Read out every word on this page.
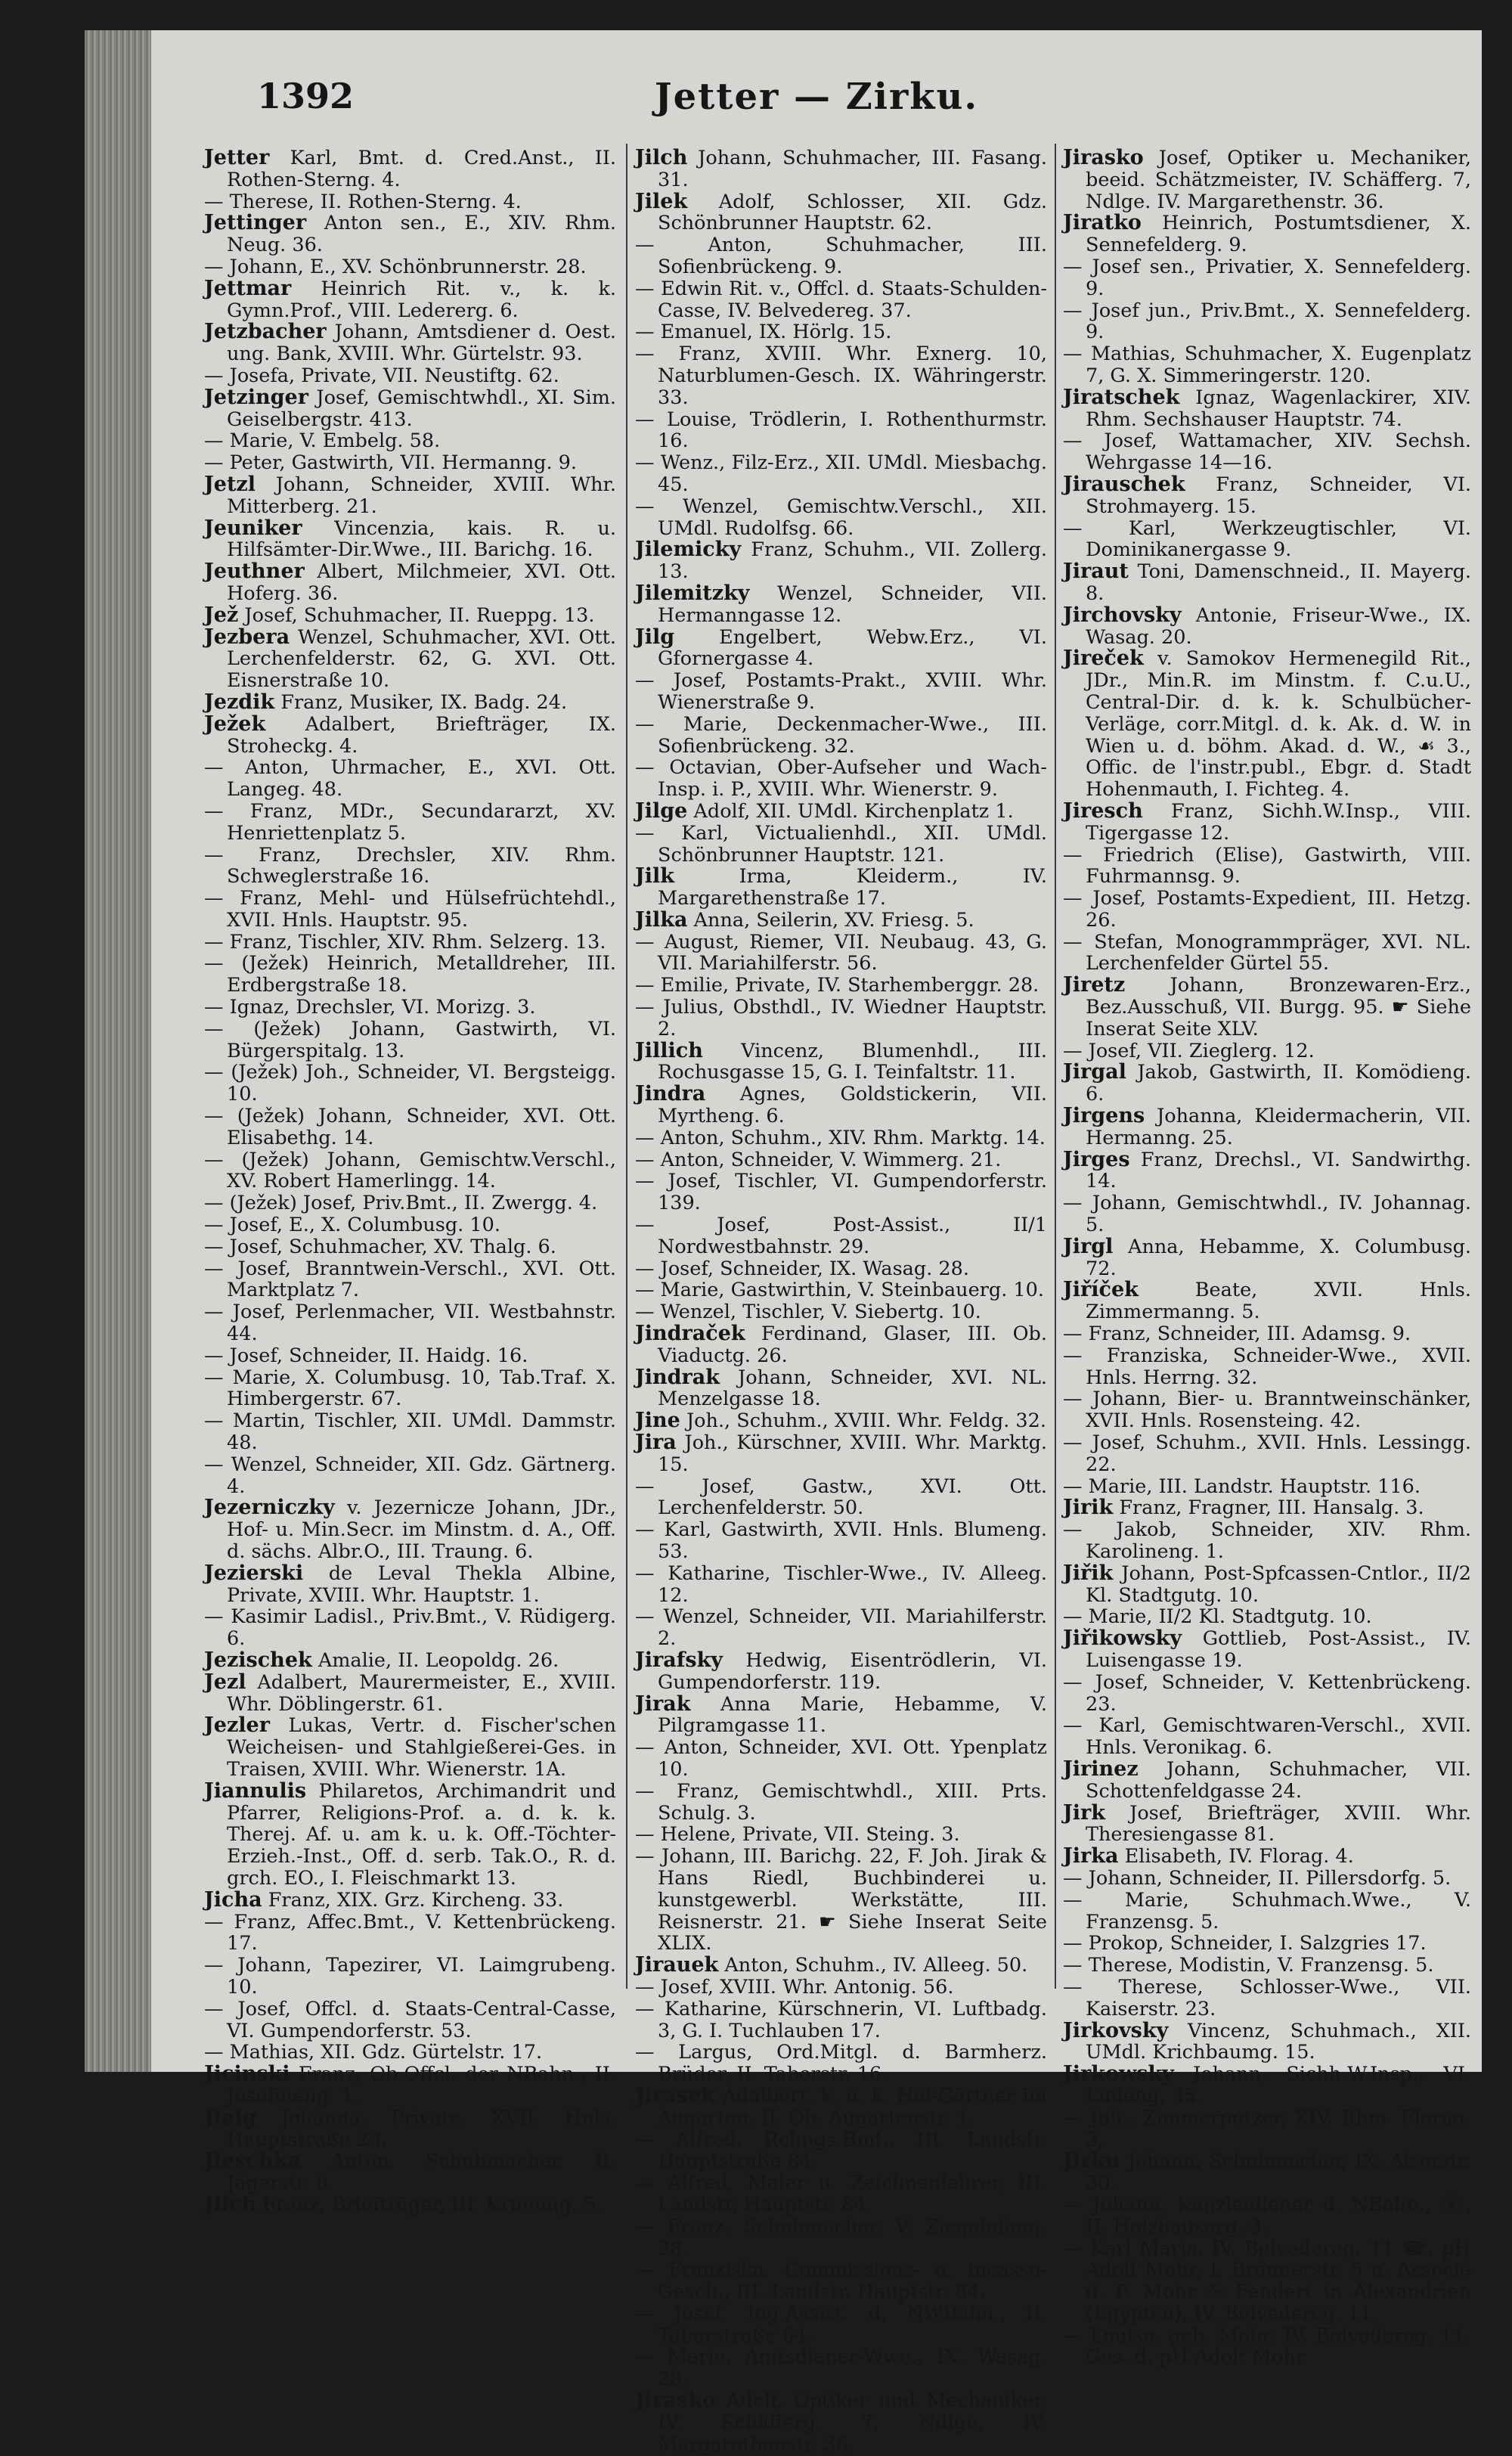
1392	Jetter — Zirku.

Jetter Karl, Bmt. d. Cred.Anst., II. Rothen-Sterng. 4.

— Therese, II. Rothen-Sterng. 4.

Jettinger Anton sen., E., XIV. Rhm. Neug. 36.

— Johann, E., XV. Schönbrunnerstr. 28.

Jettmar Heinrich Rit. v., k. k. Gymn.Prof., VIII. Ledererg. 6.

Jetzbacher Johann, Amtsdiener d. Oest. ung. Bank, XVIII. Whr. Gürtelstr. 93.

— Josefa, Private, VII. Neustiftg. 62.

Jetzinger Josef, Gemischtwhdl., XI. Sim. Geiselbergstr. 413.

— Marie, V. Embelg. 58.

— Peter, Gastwirth, VII. Hermanng. 9.

Jetzl Johann, Schneider, XVIII. Whr. Mitterberg. 21.

Jeuniker Vincenzia, kais. R. u. Hilfsämter-Dir.Wwe., III. Barichg. 16.

Jeuthner Albert, Milchmeier, XVI. Ott. Hoferg. 36.

Jež Josef, Schuhmacher, II. Rueppg. 13.

Jezbera Wenzel, Schuhmacher, XVI. Ott. Lerchenfelderstr. 62, G. XVI. Ott. Eisnerstraße 10.

Jezdik Franz, Musiker, IX. Badg. 24.

Ježek Adalbert, Briefträger, IX. Stroheckg. 4.

— Anton, Uhrmacher, E., XVI. Ott. Langeg. 48.

— Franz, MDr., Secundararzt, XV. Henriettenplatz 5.

— Franz, Drechsler, XIV. Rhm. Schweglerstraße 16.

— Franz, Mehl- und Hülsefrüchtehdl., XVII. Hnls. Hauptstr. 95.

— Franz, Tischler, XIV. Rhm. Selzerg. 13.

— (Ježek) Heinrich, Metalldreher, III. Erdbergstraße 18.

— Ignaz, Drechsler, VI. Morizg. 3.

— (Ježek) Johann, Gastwirth, VI. Bürgerspitalg. 13.

— (Ježek) Joh., Schneider, VI. Bergsteigg. 10.

— (Ježek) Johann, Schneider, XVI. Ott. Elisabethg. 14.

— (Ježek) Johann, Gemischtw.Verschl., XV. Robert Hamerlingg. 14.

— (Ježek) Josef, Priv.Bmt., II. Zwergg. 4.

— Josef, E., X. Columbusg. 10.

— Josef, Schuhmacher, XV. Thalg. 6.

— Josef, Branntwein-Verschl., XVI. Ott. Marktplatz 7.

— Josef, Perlenmacher, VII. Westbahnstr. 44.

— Josef, Schneider, II. Haidg. 16.

— Marie, X. Columbusg. 10, Tab.Traf. X. Himbergerstr. 67.

— Martin, Tischler, XII. UMdl. Dammstr. 48.

— Wenzel, Schneider, XII. Gdz. Gärtnerg. 4.

Jezerniczky v. Jezernicze Johann, JDr., Hof- u. Min.Secr. im Minstm. d. A., Off. d. sächs. Albr.O., III. Traung. 6.

Jezierski de Leval Thekla Albine, Private, XVIII. Whr. Hauptstr. 1.

— Kasimir Ladisl., Priv.Bmt., V. Rüdigerg. 6.

Jezischek Amalie, II. Leopoldg. 26.

Jezl Adalbert, Maurermeister, E., XVIII. Whr. Döblingerstr. 61.

Jezler Lukas, Vertr. d. Fischer'schen Weicheisen- und Stahlgießerei-Ges. in Traisen, XVIII. Whr. Wienerstr. 1A.

Jiannulis Philaretos, Archimandrit und Pfarrer, Religions-Prof. a. d. k. k. Therej. Af. u. am k. u. k. Off.-Töchter-Erzieh.-Inst., Off. d. serb. Tak.O., R. d. grch. EO., I. Fleischmarkt 13.

Jicha Franz, XIX. Grz. Kircheng. 33.

— Franz, Affec.Bmt., V. Kettenbrückeng. 17.

— Johann, Tapezirer, VI. Laimgrubeng. 10.

— Josef, Offcl. d. Staats-Central-Casse, VI. Gumpendorferstr. 53.

— Mathias, XII. Gdz. Gürtelstr. 17.

Jicinski Franz, Ob.Offcl. der NBahn., II. Josefineng. 1.

Jielg Johanna, Private, XVII. Hnls. Hauptstraße 23.

Jieschka Anton, Schuhmacher, II. Jägerstr. 8.

Jilch Franz, Briefträger, III. Krummg. 5.

Jilch Johann, Schuhmacher, III. Fasang. 31.

Jilek Adolf, Schlosser, XII. Gdz. Schönbrunner Hauptstr. 62.

— Anton, Schuhmacher, III. Sofienbrückeng. 9.

— Edwin Rit. v., Offcl. d. Staats-Schulden-Casse, IV. Belvedereg. 37.

— Emanuel, IX. Hörlg. 15.

— Franz, XVIII. Whr. Exnerg. 10, Naturblumen-Gesch. IX. Währingerstr. 33.

— Louise, Trödlerin, I. Rothenthurmstr. 16.

— Wenz., Filz-Erz., XII. UMdl. Miesbachg. 45.

— Wenzel, Gemischtw.Verschl., XII. UMdl. Rudolfsg. 66.

Jilemicky Franz, Schuhm., VII. Zollerg. 13.

Jilemitzky Wenzel, Schneider, VII. Hermanngasse 12.

Jilg Engelbert, Webw.Erz., VI. Gfornergasse 4.

— Josef, Postamts-Prakt., XVIII. Whr. Wienerstraße 9.

— Marie, Deckenmacher-Wwe., III. Sofienbrückeng. 32.

— Octavian, Ober-Aufseher und Wach-Insp. i. P., XVIII. Whr. Wienerstr. 9.

Jilge Adolf, XII. UMdl. Kirchenplatz 1.

— Karl, Victualienhdl., XII. UMdl. Schönbrunner Hauptstr. 121.

Jilk	Irma, Kleiderm., IV. Margarethenstraße 17.

Jilka Anna, Seilerin, XV. Friesg. 5.

— August, Riemer, VII. Neubaug. 43, G. VII. Mariahilferstr. 56.

— Emilie, Private, IV. Starhemberggr. 28.

— Julius, Obsthdl., IV. Wiedner Hauptstr. 2.

Jillich Vincenz, Blumenhdl., III. Rochusgasse 15, G. I. Teinfaltstr. 11.

Jindra Agnes, Goldstickerin, VII. Myrtheng. 6.

— Anton, Schuhm., XIV. Rhm. Marktg. 14.

— Anton, Schneider, V. Wimmerg. 21.

— Josef, Tischler, VI. Gumpendorferstr. 139.

— Josef, Post-Assist., II/1 Nordwestbahnstr. 29.

— Josef, Schneider, IX. Wasag. 28.

— Marie, Gastwirthin, V. Steinbauerg. 10.

— Wenzel, Tischler, V. Siebertg. 10.

Jindraček Ferdinand, Glaser, III. Ob. Viaductg. 26.

Jindrak Johann, Schneider, XVI. NL. Menzelgasse 18.

Jine Joh., Schuhm., XVIII. Whr. Feldg. 32.

Jira Joh., Kürschner, XVIII. Whr. Marktg. 15.

— Josef, Gastw., XVI. Ott. Lerchenfelderstr. 50.

— Karl, Gastwirth, XVII. Hnls. Blumeng. 53.

— Katharine, Tischler-Wwe., IV. Alleeg. 12.

— Wenzel, Schneider, VII. Mariahilferstr. 2.

Jirafsky Hedwig, Eisentrödlerin, VI. Gumpendorferstr. 119.

Jirak Anna Marie, Hebamme, V. Pilgramgasse 11.

— Anton, Schneider, XVI. Ott. Ypenplatz 10.

— Franz, Gemischtwhdl., XIII. Prts. Schulg. 3.

— Helene, Private, VII. Steing. 3.

— Johann, III. Barichg. 22, F. Joh. Jirak & Hans Riedl, Buchbinderei u. kunstgewerbl. Werkstätte, III. Reisnerstr. 21. ☛ Siehe Inserat Seite XLIX.

Jirauek Anton, Schuhm., IV. Alleeg. 50.

— Josef, XVIII. Whr. Antonig. 56.

— Katharine, Kürschnerin, VI. Luftbadg. 3, G. I. Tuchlauben 17.

— Largus, Ord.Mitgl. d. Barmherz. Brüder, II. Taborstr. 16.

Jirasek Adalbert, k. u. k. Hof-Gärtner im Augarten, II. Ob. Augartenstr. 1.

— Alfred, Rchngs.Bmt., III. Landstr. Hauptstraße 84.

— Alfred, Maler u. Zeichnenlehrer, III. Landstr. Hauptstr. 84.

— Franz, Schuhmacher, V. Ziegelofeng. 28.

— Franziska, Commissions- u. Incasso-Gesch., III. Landstr. Hauptstr. 84.

— Josef, Ing.Assist. d. NWBahn., II. Taborstraße 64.

— Marie, Amtsdiener-Wwe., IX. Wasag. 28.

Jirasko Adolf, Optiker und Mechaniker, IV. Schäfferg. 7, Ndlge. IV. Margarethenstr. 36.

Jirasko Josef, Optiker u. Mechaniker, beeid. Schätzmeister, IV. Schäfferg. 7, Ndlge. IV. Margarethenstr. 36.

Jiratko Heinrich, Postumtsdiener, X. Sennefelderg. 9.

— Josef sen., Privatier, X. Sennefelderg. 9.

— Josef jun., Priv.Bmt., X. Sennefelderg. 9.

— Mathias, Schuhmacher, X. Eugenplatz 7, G. X. Simmeringerstr. 120.

Jiratschek Ignaz, Wagenlackirer, XIV. Rhm. Sechshauser Hauptstr. 74.

— Josef, Wattamacher, XIV. Sechsh. Wehrgasse 14—16.

Jirauschek Franz, Schneider, VI. Strohmayerg. 15.

— Karl, Werkzeugtischler, VI. Dominikanergasse 9.

Jiraut Toni, Damenschneid., II. Mayerg. 8.

Jirchovsky Antonie, Friseur-Wwe., IX. Wasag. 20.

Jireček v. Samokov Hermenegild Rit., JDr., Min.R. im Minstm. f. C.u.U., Central-Dir. d. k. k. Schulbücher-Verläge, corr.Mitgl. d. k. Ak. d. W. in Wien u. d. böhm. Akad. d. W., ☙ 3., Offic. de l'instr.publ., Ebgr. d. Stadt Hohenmauth, I. Fichteg. 4.

Jiresch Franz, Sichh.W.Insp., VIII. Tigergasse 12.

— Friedrich (Elise), Gastwirth, VIII. Fuhrmannsg. 9.

— Josef, Postamts-Expedient, III. Hetzg. 26.

— Stefan, Monogrammpräger, XVI. NL. Lerchenfelder Gürtel 55.

Jiretz Johann, Bronzewaren-Erz., Bez.Ausschuß, VII. Burgg. 95. ☛ Siehe Inserat Seite XLV.

— Josef, VII. Zieglerg. 12.

Jirgal Jakob, Gastwirth, II. Komödieng. 6.

Jirgens Johanna, Kleidermacherin, VII. Hermanng. 25.

Jirges Franz, Drechsl., VI. Sandwirthg. 14.

— Johann, Gemischtwhdl., IV. Johannag. 5.

Jirgl Anna, Hebamme, X. Columbusg. 72.

Jiříček	Beate, XVII. Hnls. Zimmermanng. 5.

— Franz, Schneider, III. Adamsg. 9.

— Franziska, Schneider-Wwe., XVII. Hnls. Herrng. 32.

— Johann, Bier- u. Branntweinschänker, XVII. Hnls. Rosensteing. 42.

— Josef, Schuhm., XVII. Hnls. Lessingg. 22.

— Marie, III. Landstr. Hauptstr. 116.

Jirik Franz, Fragner, III. Hansalg. 3.

— Jakob, Schneider, XIV. Rhm. Karolineng. 1.

Jiřik Johann, Post-Spfcassen-Cntlor., II/2 Kl. Stadtgutg. 10.

— Marie, II/2 Kl. Stadtgutg. 10.

Jiřikowsky Gottlieb, Post-Assist., IV. Luisengasse 19.

— Josef, Schneider, V. Kettenbrückeng. 23.

— Karl, Gemischtwaren-Verschl., XVII. Hnls. Veronikag. 6.

Jirinez Johann, Schuhmacher, VII. Schottenfeldgasse 24.

Jirk Josef, Briefträger, XVIII. Whr. Theresiengasse 81.

Jirka Elisabeth, IV. Florag. 4.

— Johann, Schneider, II. Pillersdorfg. 5.

— Marie, Schuhmach.Wwe., V. Franzensg. 5.

— Prokop, Schneider, I. Salzgries 17.

— Therese, Modistin, V. Franzensg. 5.

— Therese, Schlosser-Wwe., VII. Kaiserstr. 23.

Jirkovsky Vincenz, Schuhmach., XII. UMdl. Krichbaumg. 15.

Jirkowsky Johann, Sichh.W.Insp., VI. Linieng. 35.

— Joh., Zimmerputzer, XIV. Rhm. Florag. 3.

Jirku Johann, Schuhmacher, IX. Alserstr. 30.

— Johann, Kanzleidiener d. NBahn., ⓚ, II. Holzhauserg. 3.

— Karl Maria, IV. Belvedereg. 11 ☎, pH Adolf Mohr, I. Bräunerstr. 5 u. Associé d. F. Mohr & Fendert in Alexandrien (Egypten), IV. Belvedereg. 11.

— Louise, geb. Mohr, IV. Belvedereg. 11, Ges. d. pH Adolf Mohr.
